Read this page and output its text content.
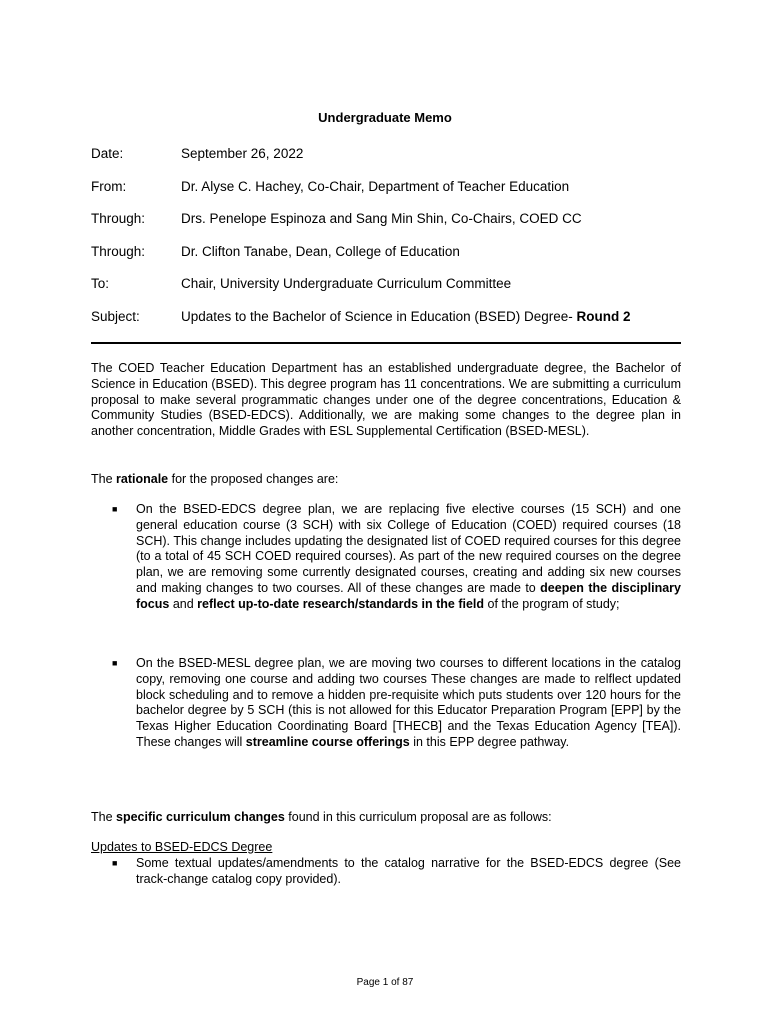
Undergraduate Memo
Date:	September 26, 2022
From:	Dr. Alyse C. Hachey, Co-Chair, Department of Teacher Education
Through:	Drs. Penelope Espinoza and Sang Min Shin, Co-Chairs, COED CC
Through:	Dr. Clifton Tanabe, Dean, College of Education
To:	Chair, University Undergraduate Curriculum Committee
Subject:	Updates to the Bachelor of Science in Education (BSED) Degree- Round 2
The COED Teacher Education Department has an established undergraduate degree, the Bachelor of Science in Education (BSED). This degree program has 11 concentrations. We are submitting a curriculum proposal to make several programmatic changes under one of the degree concentrations, Education & Community Studies (BSED-EDCS). Additionally, we are making some changes to the degree plan in another concentration, Middle Grades with ESL Supplemental Certification (BSED-MESL).
The rationale for the proposed changes are:
■ On the BSED-EDCS degree plan, we are replacing five elective courses (15 SCH) and one general education course (3 SCH) with six College of Education (COED) required courses (18 SCH). This change includes updating the designated list of COED required courses for this degree (to a total of 45 SCH COED required courses). As part of the new required courses on the degree plan, we are removing some currently designated courses, creating and adding six new courses and making changes to two courses. All of these changes are made to deepen the disciplinary focus and reflect up-to-date research/standards in the field of the program of study;
■ On the BSED-MESL degree plan, we are moving two courses to different locations in the catalog copy, removing one course and adding two courses These changes are made to relflect updated block scheduling and to remove a hidden pre-requisite which puts students over 120 hours for the bachelor degree by 5 SCH (this is not allowed for this Educator Preparation Program [EPP] by the Texas Higher Education Coordinating Board [THECB] and the Texas Education Agency [TEA]). These changes will streamline course offerings in this EPP degree pathway.
The specific curriculum changes found in this curriculum proposal are as follows:
Updates to BSED-EDCS Degree
■ Some textual updates/amendments to the catalog narrative for the BSED-EDCS degree (See track-change catalog copy provided).
Page 1 of 87
